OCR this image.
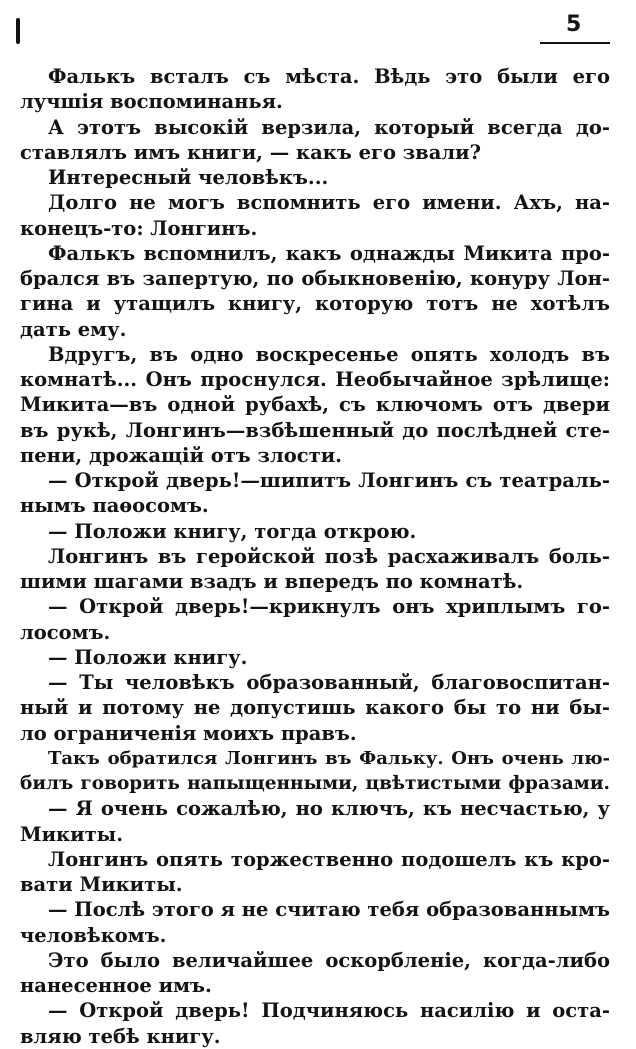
5
Фалькъ всталъ съ мѣста. Вѣдь это были его
лучшія воспоминанья.
А этотъ высокій верзила, который всегда до-
ставлялъ имъ книги, — какъ его звали?
Интересный человѣкъ...
Долго не могъ вспомнить его имени. Ахъ, на-
конецъ-то: Лонгинъ.
Фалькъ вспомнилъ, какъ однажды Микита про-
брался въ запертую, по обыкновенію, конуру Лон-
гина и утащилъ книгу, которую тотъ не хотѣлъ
дать ему.
Вдругъ, въ одно воскресенье опять холодъ въ
комнатѣ... Онъ проснулся. Необычайное зрѣлище:
Микита—въ одной рубахѣ, съ ключомъ отъ двери
въ рукѣ, Лонгинъ—взбѣшенный до послѣдней сте-
пени, дрожащій отъ злости.
— Открой дверь!—шипитъ Лонгинъ съ театраль-
нымъ паѳосомъ.
— Положи книгу, тогда открою.
Лонгинъ въ геройской позѣ расхаживалъ боль-
шими шагами взадъ и впередъ по комнатѣ.
— Открой дверь!—крикнулъ онъ хриплымъ го-
лосомъ.
— Положи книгу.
— Ты человѣкъ образованный, благовоспитан-
ный и потому не допустишь какого бы то ни бы-
ло ограниченія моихъ правъ.
Такъ обратился Лонгинъ въ Фальку. Онъ очень лю-
билъ говорить напыщенными, цвѣтистыми фразами.
— Я очень сожалѣю, но ключъ, къ несчастью, у
Микиты.
Лонгинъ опять торжественно подошелъ къ кро-
вати Микиты.
— Послѣ этого я не считаю тебя образованнымъ
человѣкомъ.
Это было величайшее оскорбленіе, когда-либо
нанесенное имъ.
— Открой дверь! Подчиняюсь насилію и оста-
вляю тебѣ книгу.
